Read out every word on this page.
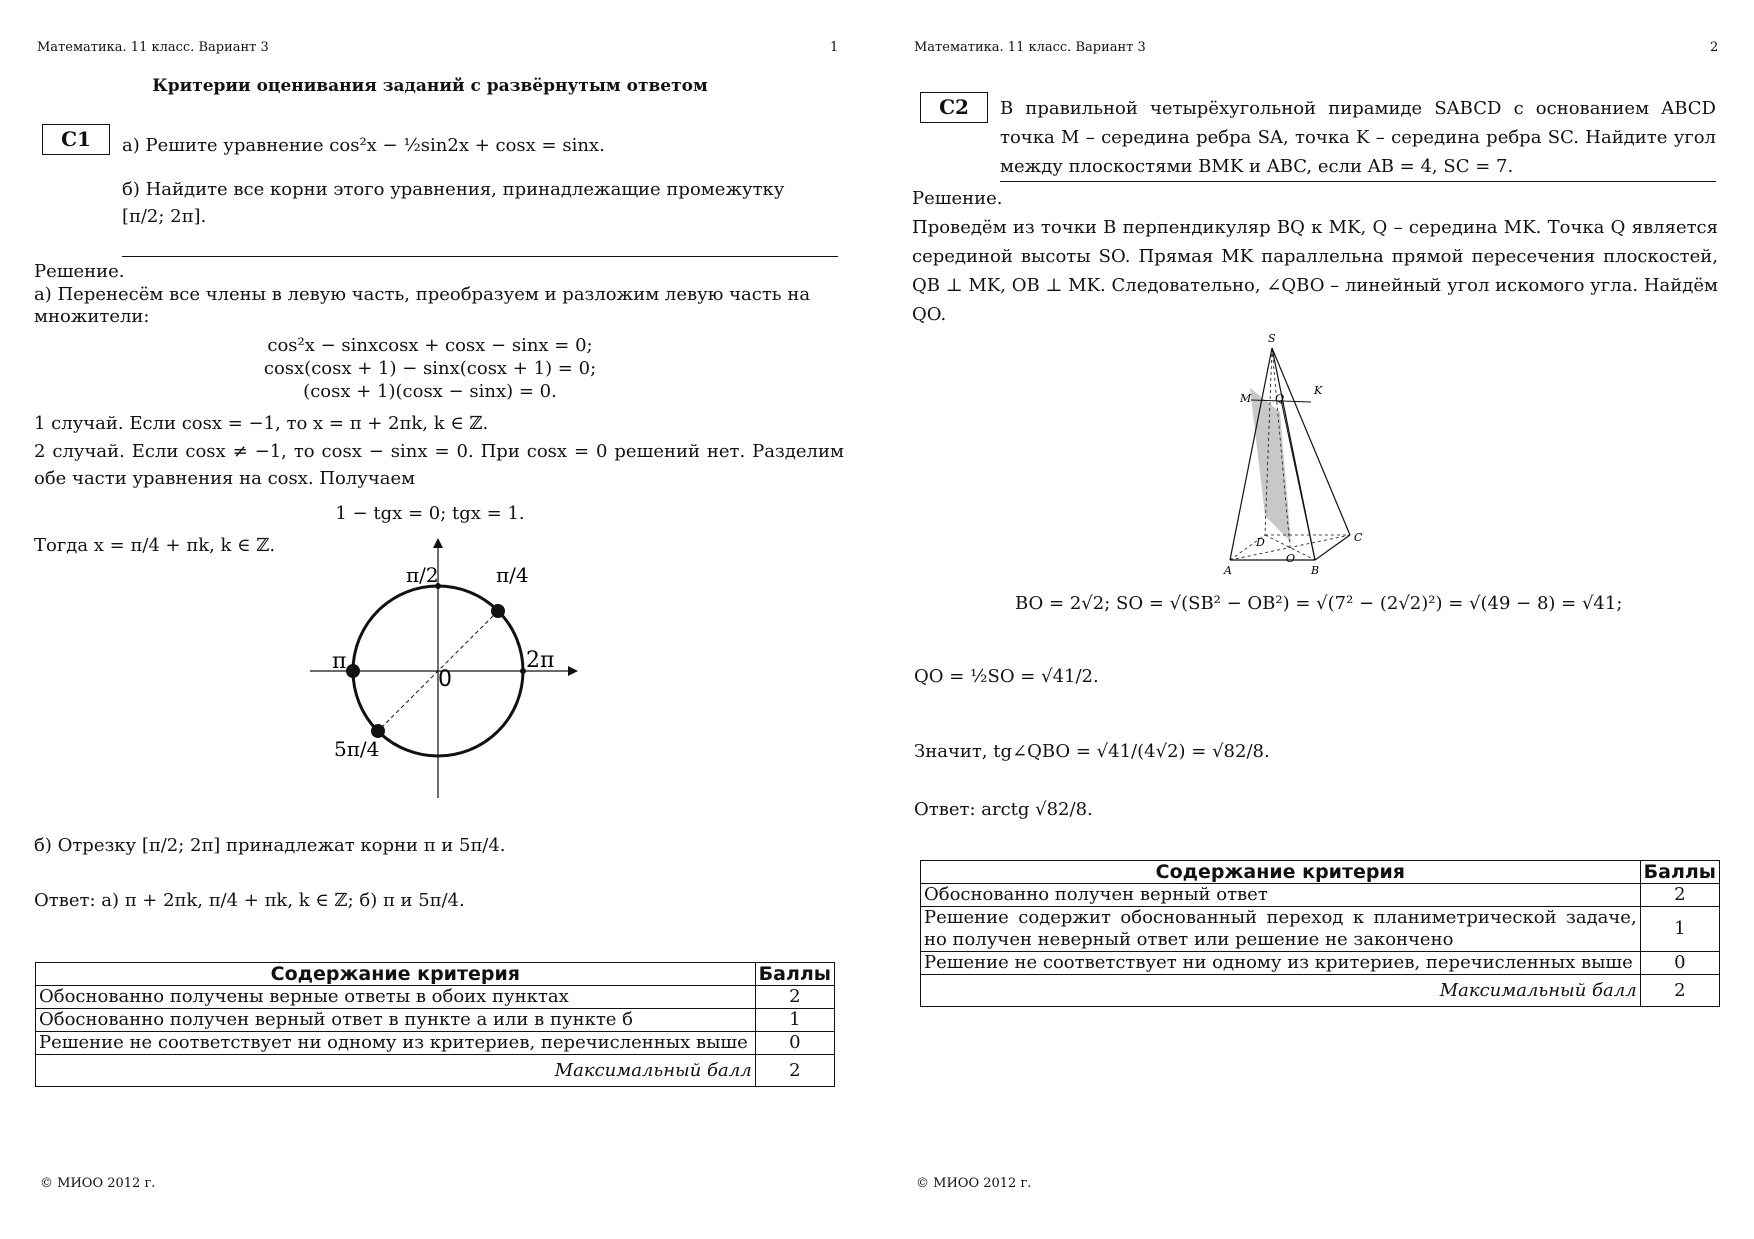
Математика. 11 класс. Вариант 3	1
Критерии оценивания заданий с развёрнутым ответом
С1	а) Решите уравнение cos²x − ½sin2x + cosx = sinx.
б) Найдите все корни этого уравнения, принадлежащие промежутку
[π/2; 2π].
Решение.
а) Перенесём все члены в левую часть, преобразуем и разложим левую часть на множители:
cos²x − sinxcosx + cosx − sinx = 0;
cosx(cosx + 1) − sinx(cosx + 1) = 0;
(cosx + 1)(cosx − sinx) = 0.
1 случай. Если cosx = −1, то x = π + 2πk, k ∈ ℤ.
2 случай. Если cosx ≠ −1, то cosx − sinx = 0. При cosx = 0 решений нет. Разделим обе части уравнения на cosx. Получаем
1 − tgx = 0; tgx = 1.
Тогда x = π/4 + πk, k ∈ ℤ.
0
π	2π
π/2	π/4
5π/4
б) Отрезку [π/2; 2π] принадлежат корни π и 5π/4.
Ответ: а) π + 2πk, π/4 + πk, k ∈ ℤ; б) π и 5π/4.
Содержание критерия	Баллы
Обоснованно получены верные ответы в обоих пунктах	2
Обоснованно получен верный ответ в пункте а или в пункте б	1
Решение не соответствует ни одному из критериев, перечисленных выше	0
Максимальный балл	2
© МИОО 2012 г.
Математика. 11 класс. Вариант 3	2
С2	В правильной четырёхугольной пирамиде SABCD с основанием ABCD точка M – середина ребра SA, точка K – середина ребра SC. Найдите угол между плоскостями BMK и ABC, если AB = 4, SC = 7.
Решение.
Проведём из точки B перпендикуляр BQ к MK, Q – середина MK. Точка Q является серединой высоты SO. Прямая MK параллельна прямой пересечения плоскостей, QB ⊥ MK, OB ⊥ MK. Следовательно, ∠QBO – линейный угол искомого угла. Найдём QO.
S
M
K
Q
D	C
A
O
B
BO = 2√2; SO = √(SB² − OB²) = √(7² − (2√2)²) = √(49 − 8) = √41;
QO = ½SO = √41/2.
Значит, tg∠QBO = √41/(4√2) = √82/8.
Ответ: arctg √82/8.
Содержание критерия	Баллы
Обоснованно получен верный ответ	2
Решение содержит обоснованный переход к планиметрической задаче, но получен неверный ответ или решение не закончено	1
Решение не соответствует ни одному из критериев, перечисленных выше	0
Максимальный балл	2
© МИОО 2012 г.
